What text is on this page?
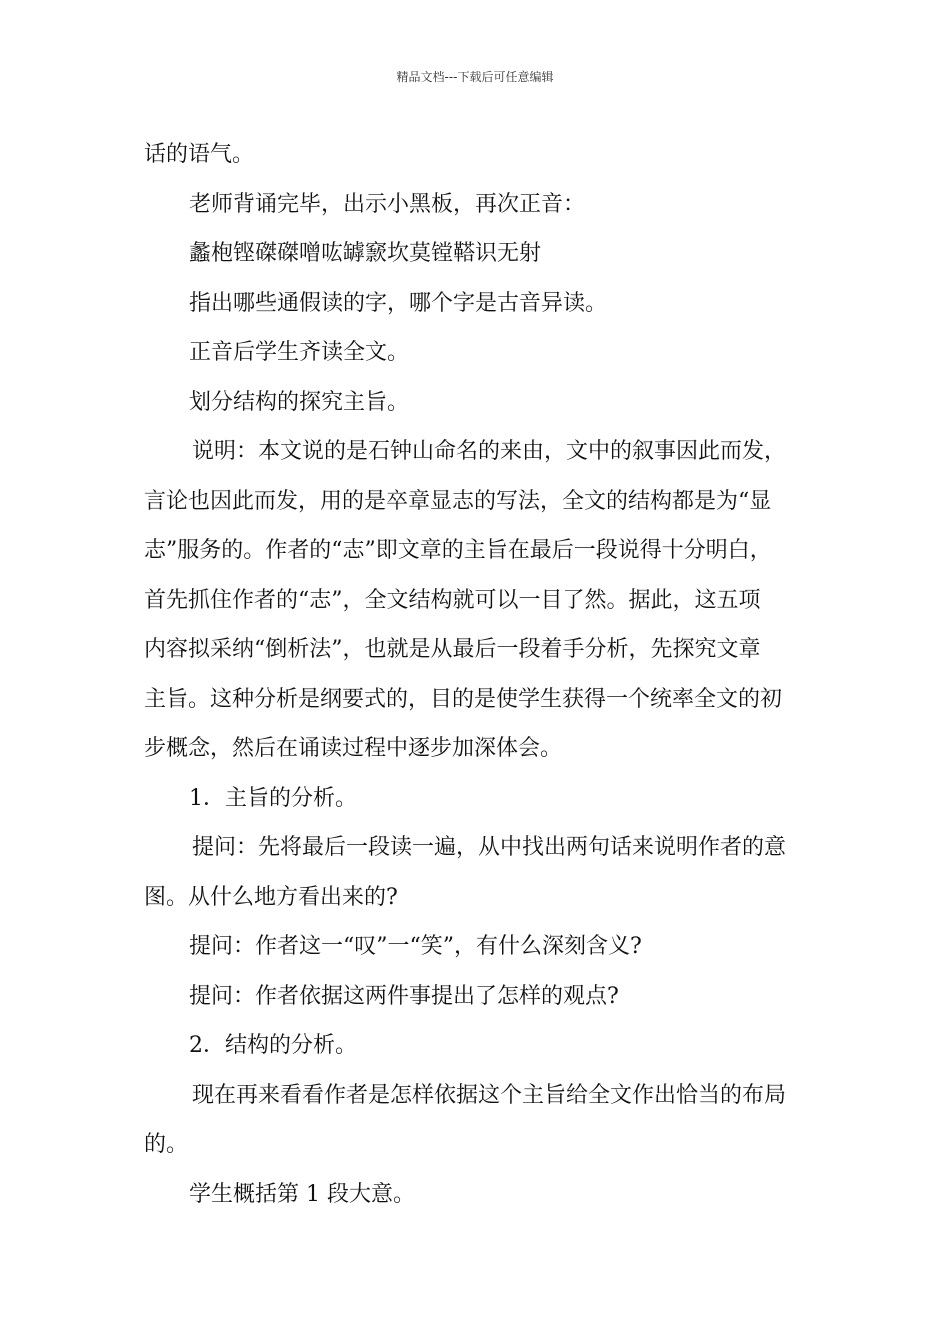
精品文档---下载后可任意编辑

话的语气。

老师背诵完毕，出示小黑板，再次正音：

蠡枹铿磔磔噌吰罅窾坎莫镗鞳识无射

指出哪些通假读的字，哪个字是古音异读。

正音后学生齐读全文。

划分结构的探究主旨。

说明：本文说的是石钟山命名的来由，文中的叙事因此而发，

言论也因此而发，用的是卒章显志的写法，全文的结构都是为“显

志”服务的。作者的“志”即文章的主旨在最后一段说得十分明白，

首先抓住作者的“志”，全文结构就可以一目了然。据此，这五项

内容拟采纳“倒析法”，也就是从最后一段着手分析，先探究文章

主旨。这种分析是纲要式的，目的是使学生获得一个统率全文的初

步概念，然后在诵读过程中逐步加深体会。

1．主旨的分析。

提问：先将最后一段读一遍，从中找出两句话来说明作者的意

图。从什么地方看出来的?

提问：作者这一“叹”一“笑”，有什么深刻含义?

提问：作者依据这两件事提出了怎样的观点?

2．结构的分析。

现在再来看看作者是怎样依据这个主旨给全文作出恰当的布局

的。

学生概括第 1 段大意。
